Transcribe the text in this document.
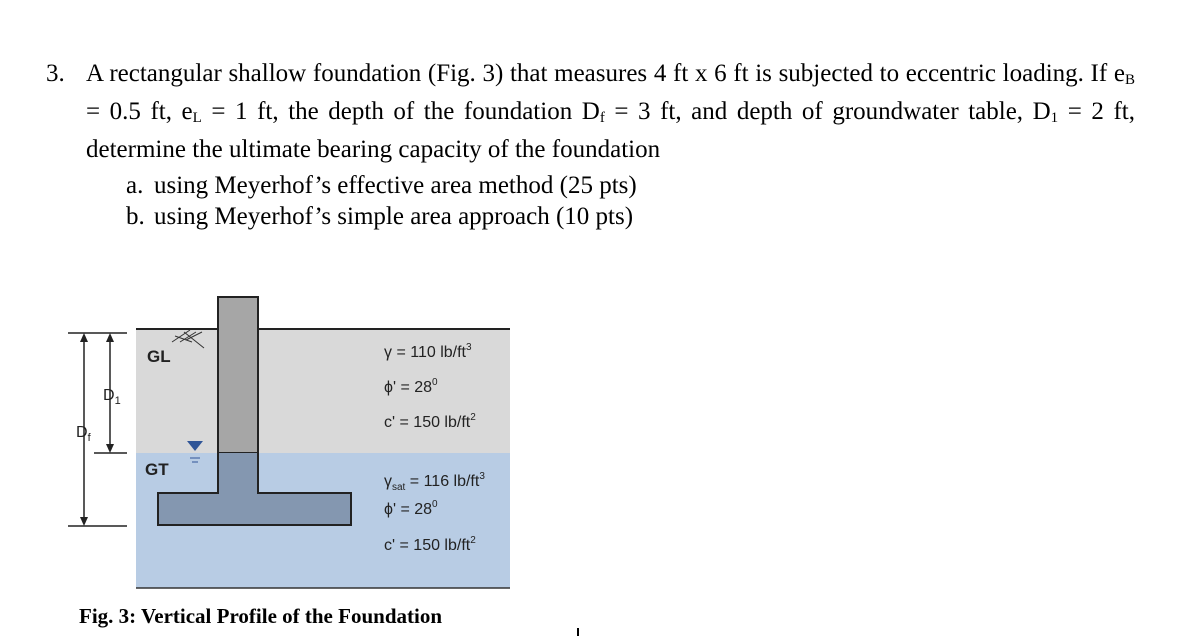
3. A rectangular shallow foundation (Fig. 3) that measures 4 ft x 6 ft is subjected to eccentric loading. If $e_B = 0.5$ ft, $e_L = 1$ ft, the depth of the foundation $D_f = 3$ ft, and depth of groundwater table, $D_1 = 2$ ft, determine the ultimate bearing capacity of the foundation
a. using Meyerhof’s effective area method (25 pts)
b. using Meyerhof’s simple area approach (10 pts)
GL
GT
$D_1$
$D_f$
γ = 110 $lb/ft^3$
$\phi' = 28^0$
c' = 150 $lb/ft^2$
$\gamma_{sat} = 116$ $lb/ft^3$
$\phi' = 28^0$
c' = 150 $lb/ft^2$
Fig. 3: Vertical Profile of the Foundation
